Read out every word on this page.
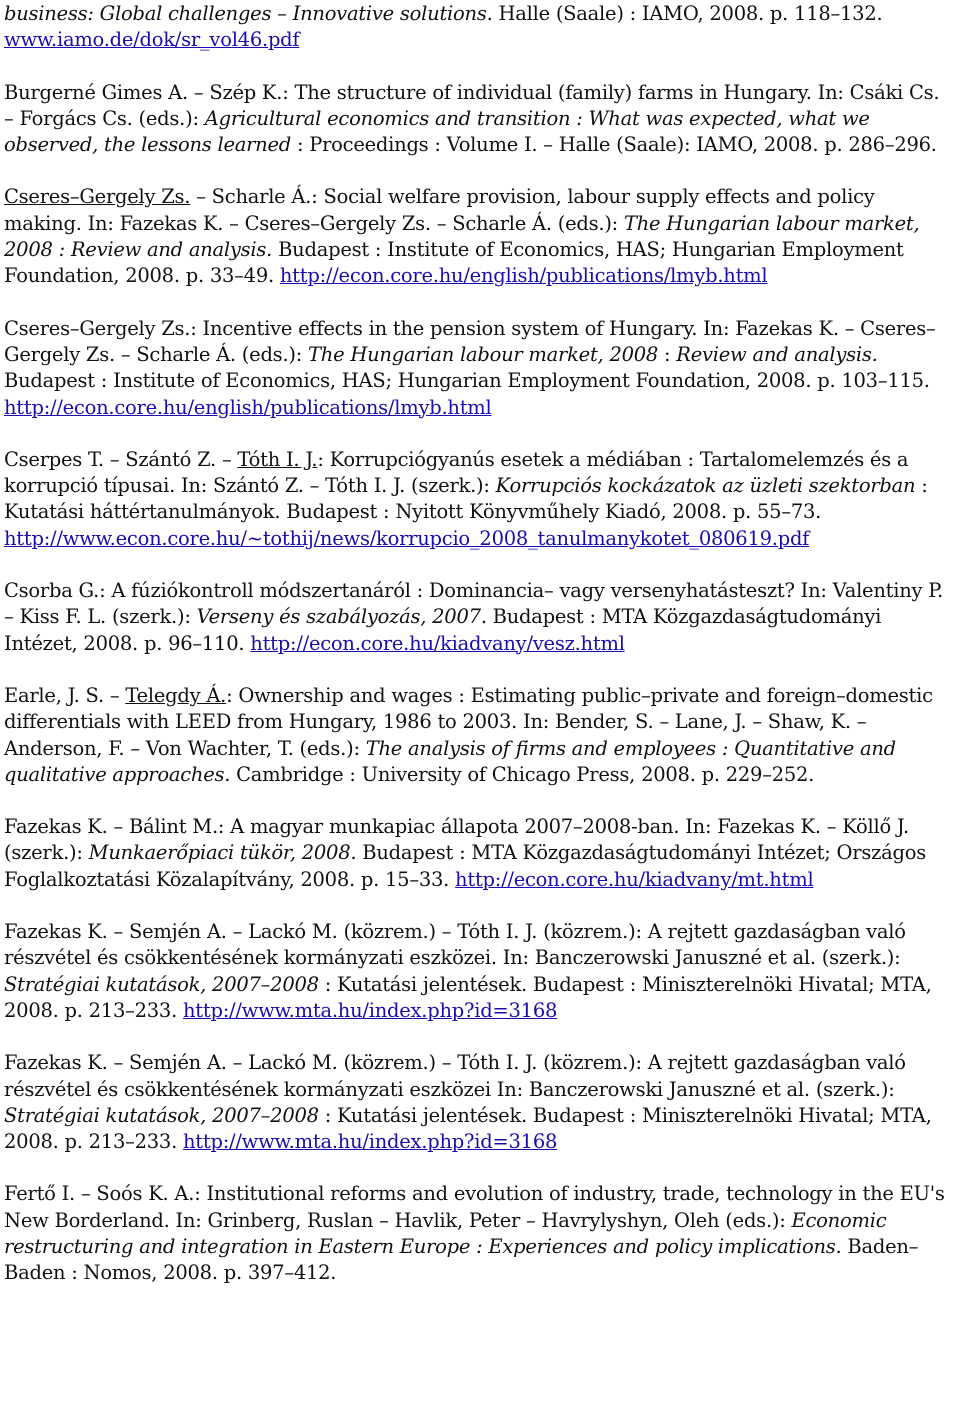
business: Global challenges – Innovative solutions. Halle (Saale) : IAMO, 2008. p. 118–132. www.iamo.de/dok/sr_vol46.pdf
Burgerné Gimes A. – Szép K.: The structure of individual (family) farms in Hungary. In: Csáki Cs. – Forgács Cs. (eds.): Agricultural economics and transition : What was expected, what we observed, the lessons learned : Proceedings : Volume I. – Halle (Saale): IAMO, 2008. p. 286–296.
Cseres–Gergely Zs. – Scharle Á.: Social welfare provision, labour supply effects and policy making. In: Fazekas K. – Cseres–Gergely Zs. – Scharle Á. (eds.): The Hungarian labour market, 2008 : Review and analysis. Budapest : Institute of Economics, HAS; Hungarian Employment Foundation, 2008. p. 33–49. http://econ.core.hu/english/publications/lmyb.html
Cseres–Gergely Zs.: Incentive effects in the pension system of Hungary. In: Fazekas K. – Cseres–Gergely Zs. – Scharle Á. (eds.): The Hungarian labour market, 2008 : Review and analysis. Budapest : Institute of Economics, HAS; Hungarian Employment Foundation, 2008. p. 103–115. http://econ.core.hu/english/publications/lmyb.html
Cserpes T. – Szántó Z. – Tóth I. J.: Korrupciógyanús esetek a médiában : Tartalomelemzés és a korrupció típusai. In: Szántó Z. – Tóth I. J. (szerk.): Korrupciós kockázatok az üzleti szektorban : Kutatási háttértanulmányok. Budapest : Nyitott Könyvműhely Kiadó, 2008. p. 55–73. http://www.econ.core.hu/~tothij/news/korrupcio_2008_tanulmanykotet_080619.pdf
Csorba G.: A fúziókontroll módszertanáról : Dominancia– vagy versenyhatásteszt? In: Valentiny P. – Kiss F. L. (szerk.): Verseny és szabályozás, 2007. Budapest : MTA Közgazdaságtudományi Intézet, 2008. p. 96–110. http://econ.core.hu/kiadvany/vesz.html
Earle, J. S. – Telegdy Á.: Ownership and wages : Estimating public–private and foreign–domestic differentials with LEED from Hungary, 1986 to 2003. In: Bender, S. – Lane, J. – Shaw, K. – Anderson, F. – Von Wachter, T. (eds.): The analysis of firms and employees : Quantitative and qualitative approaches. Cambridge : University of Chicago Press, 2008. p. 229–252.
Fazekas K. – Bálint M.: A magyar munkapiac állapota 2007–2008-ban. In: Fazekas K. – Köllő J. (szerk.): Munkaerőpiaci tükör, 2008. Budapest : MTA Közgazdaságtudományi Intézet; Országos Foglalkoztatási Közalapítvány, 2008. p. 15–33. http://econ.core.hu/kiadvany/mt.html
Fazekas K. – Semjén A. – Lackó M. (közrem.) – Tóth I. J. (közrem.): A rejtett gazdaságban való részvétel és csökkentésének kormányzati eszközei. In: Banczerowski Januszné et al. (szerk.): Stratégiai kutatások, 2007–2008 : Kutatási jelentések. Budapest : Miniszterelnöki Hivatal; MTA, 2008. p. 213–233. http://www.mta.hu/index.php?id=3168
Fazekas K. – Semjén A. – Lackó M. (közrem.) – Tóth I. J. (közrem.): A rejtett gazdaságban való részvétel és csökkentésének kormányzati eszközei In: Banczerowski Januszné et al. (szerk.): Stratégiai kutatások, 2007–2008 : Kutatási jelentések. Budapest : Miniszterelnöki Hivatal; MTA, 2008. p. 213–233. http://www.mta.hu/index.php?id=3168
Fertő I. – Soós K. A.: Institutional reforms and evolution of industry, trade, technology in the EU's New Borderland. In: Grinberg, Ruslan – Havlik, Peter – Havrylyshyn, Oleh (eds.): Economic restructuring and integration in Eastern Europe : Experiences and policy implications. Baden–Baden : Nomos, 2008. p. 397–412.
